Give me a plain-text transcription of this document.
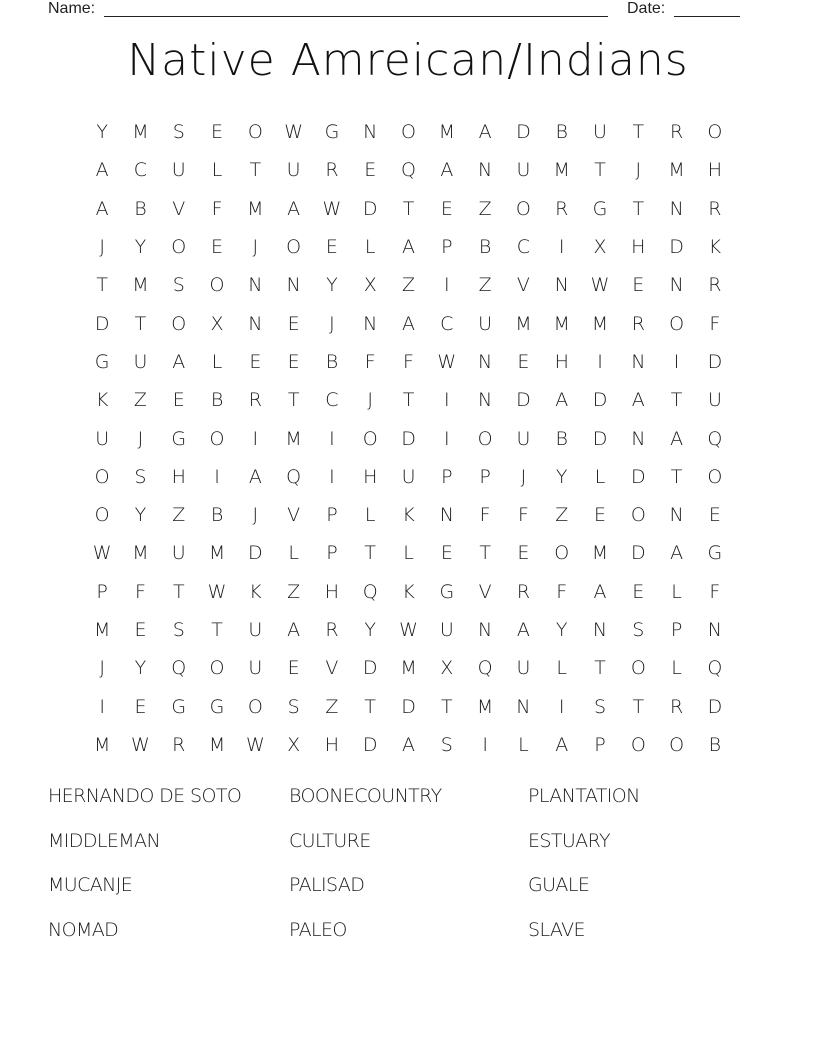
Name:	Date:
Native Amreican/Indians
Y	M	S	E	O	W	G	N	O	M	A	D	B	U	T	R	O
A	C	U	L	T	U	R	E	Q	A	N	U	M	T	J	M	H
A	B	V	F	M	A	W	D	T	E	Z	O	R	G	T	N	R
J	Y	O	E	J	O	E	L	A	P	B	C	I	X	H	D	K
T	M	S	O	N	N	Y	X	Z	I	Z	V	N	W	E	N	R
D	T	O	X	N	E	J	N	A	C	U	M	M	M	R	O	F
G	U	A	L	E	E	B	F	F	W	N	E	H	I	N	I	D
K	Z	E	B	R	T	C	J	T	I	N	D	A	D	A	T	U
U	J	G	O	I	M	I	O	D	I	O	U	B	D	N	A	Q
O	S	H	I	A	Q	I	H	U	P	P	J	Y	L	D	T	O
O	Y	Z	B	J	V	P	L	K	N	F	F	Z	E	O	N	E
W	M	U	M	D	L	P	T	L	E	T	E	O	M	D	A	G
P	F	T	W	K	Z	H	Q	K	G	V	R	F	A	E	L	F
M	E	S	T	U	A	R	Y	W	U	N	A	Y	N	S	P	N
J	Y	Q	O	U	E	V	D	M	X	Q	U	L	T	O	L	Q
I	E	G	G	O	S	Z	T	D	T	M	N	I	S	T	R	D
M	W	R	M	W	X	H	D	A	S	I	L	A	P	O	O	B
HERNANDO DE SOTO	BOONECOUNTRY	PLANTATION
MIDDLEMAN	CULTURE	ESTUARY
MUCANJE	PALISAD	GUALE
NOMAD	PALEO	SLAVE
